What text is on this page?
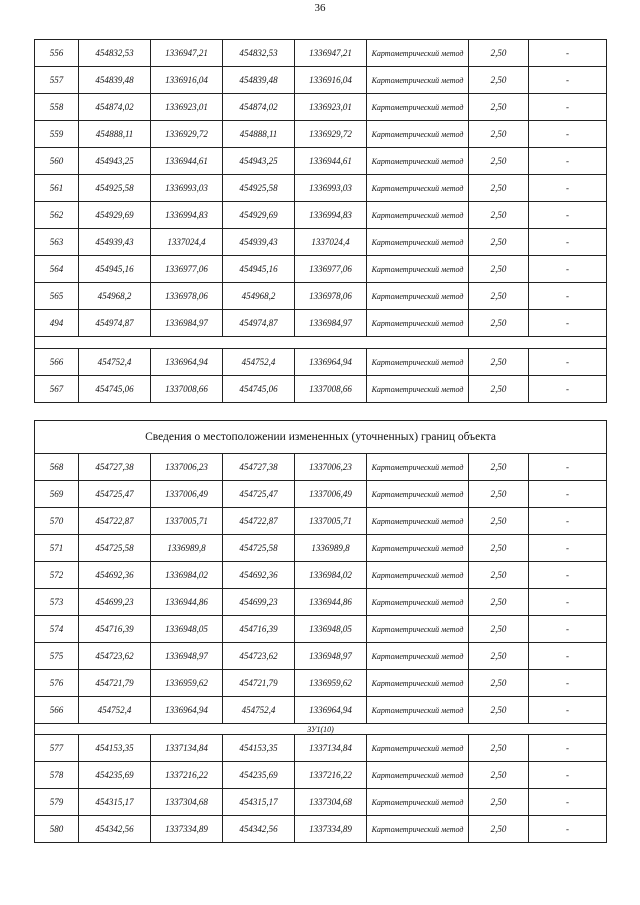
36
556	454832,53	1336947,21	454832,53	1336947,21	Картометрический метод	2,50	-
557	454839,48	1336916,04	454839,48	1336916,04	Картометрический метод	2,50	-
558	454874,02	1336923,01	454874,02	1336923,01	Картометрический метод	2,50	-
559	454888,11	1336929,72	454888,11	1336929,72	Картометрический метод	2,50	-
560	454943,25	1336944,61	454943,25	1336944,61	Картометрический метод	2,50	-
561	454925,58	1336993,03	454925,58	1336993,03	Картометрический метод	2,50	-
562	454929,69	1336994,83	454929,69	1336994,83	Картометрический метод	2,50	-
563	454939,43	1337024,4	454939,43	1337024,4	Картометрический метод	2,50	-
564	454945,16	1336977,06	454945,16	1336977,06	Картометрический метод	2,50	-
565	454968,2	1336978,06	454968,2	1336978,06	Картометрический метод	2,50	-
494	454974,87	1336984,97	454974,87	1336984,97	Картометрический метод	2,50	-

566	454752,4	1336964,94	454752,4	1336964,94	Картометрический метод	2,50	-
567	454745,06	1337008,66	454745,06	1337008,66	Картометрический метод	2,50	-
Сведения о местоположении измененных (уточненных) границ объекта							
568	454727,38	1337006,23	454727,38	1337006,23	Картометрический метод	2,50	-
569	454725,47	1337006,49	454725,47	1337006,49	Картометрический метод	2,50	-
570	454722,87	1337005,71	454722,87	1337005,71	Картометрический метод	2,50	-
571	454725,58	1336989,8	454725,58	1336989,8	Картометрический метод	2,50	-
572	454692,36	1336984,02	454692,36	1336984,02	Картометрический метод	2,50	-
573	454699,23	1336944,86	454699,23	1336944,86	Картометрический метод	2,50	-
574	454716,39	1336948,05	454716,39	1336948,05	Картометрический метод	2,50	-
575	454723,62	1336948,97	454723,62	1336948,97	Картометрический метод	2,50	-
576	454721,79	1336959,62	454721,79	1336959,62	Картометрический метод	2,50	-
566	454752,4	1336964,94	454752,4	1336964,94	Картометрический метод	2,50	-
ЗУ1(10)							
577	454153,35	1337134,84	454153,35	1337134,84	Картометрический метод	2,50	-
578	454235,69	1337216,22	454235,69	1337216,22	Картометрический метод	2,50	-
579	454315,17	1337304,68	454315,17	1337304,68	Картометрический метод	2,50	-
580	454342,56	1337334,89	454342,56	1337334,89	Картометрический метод	2,50	-
